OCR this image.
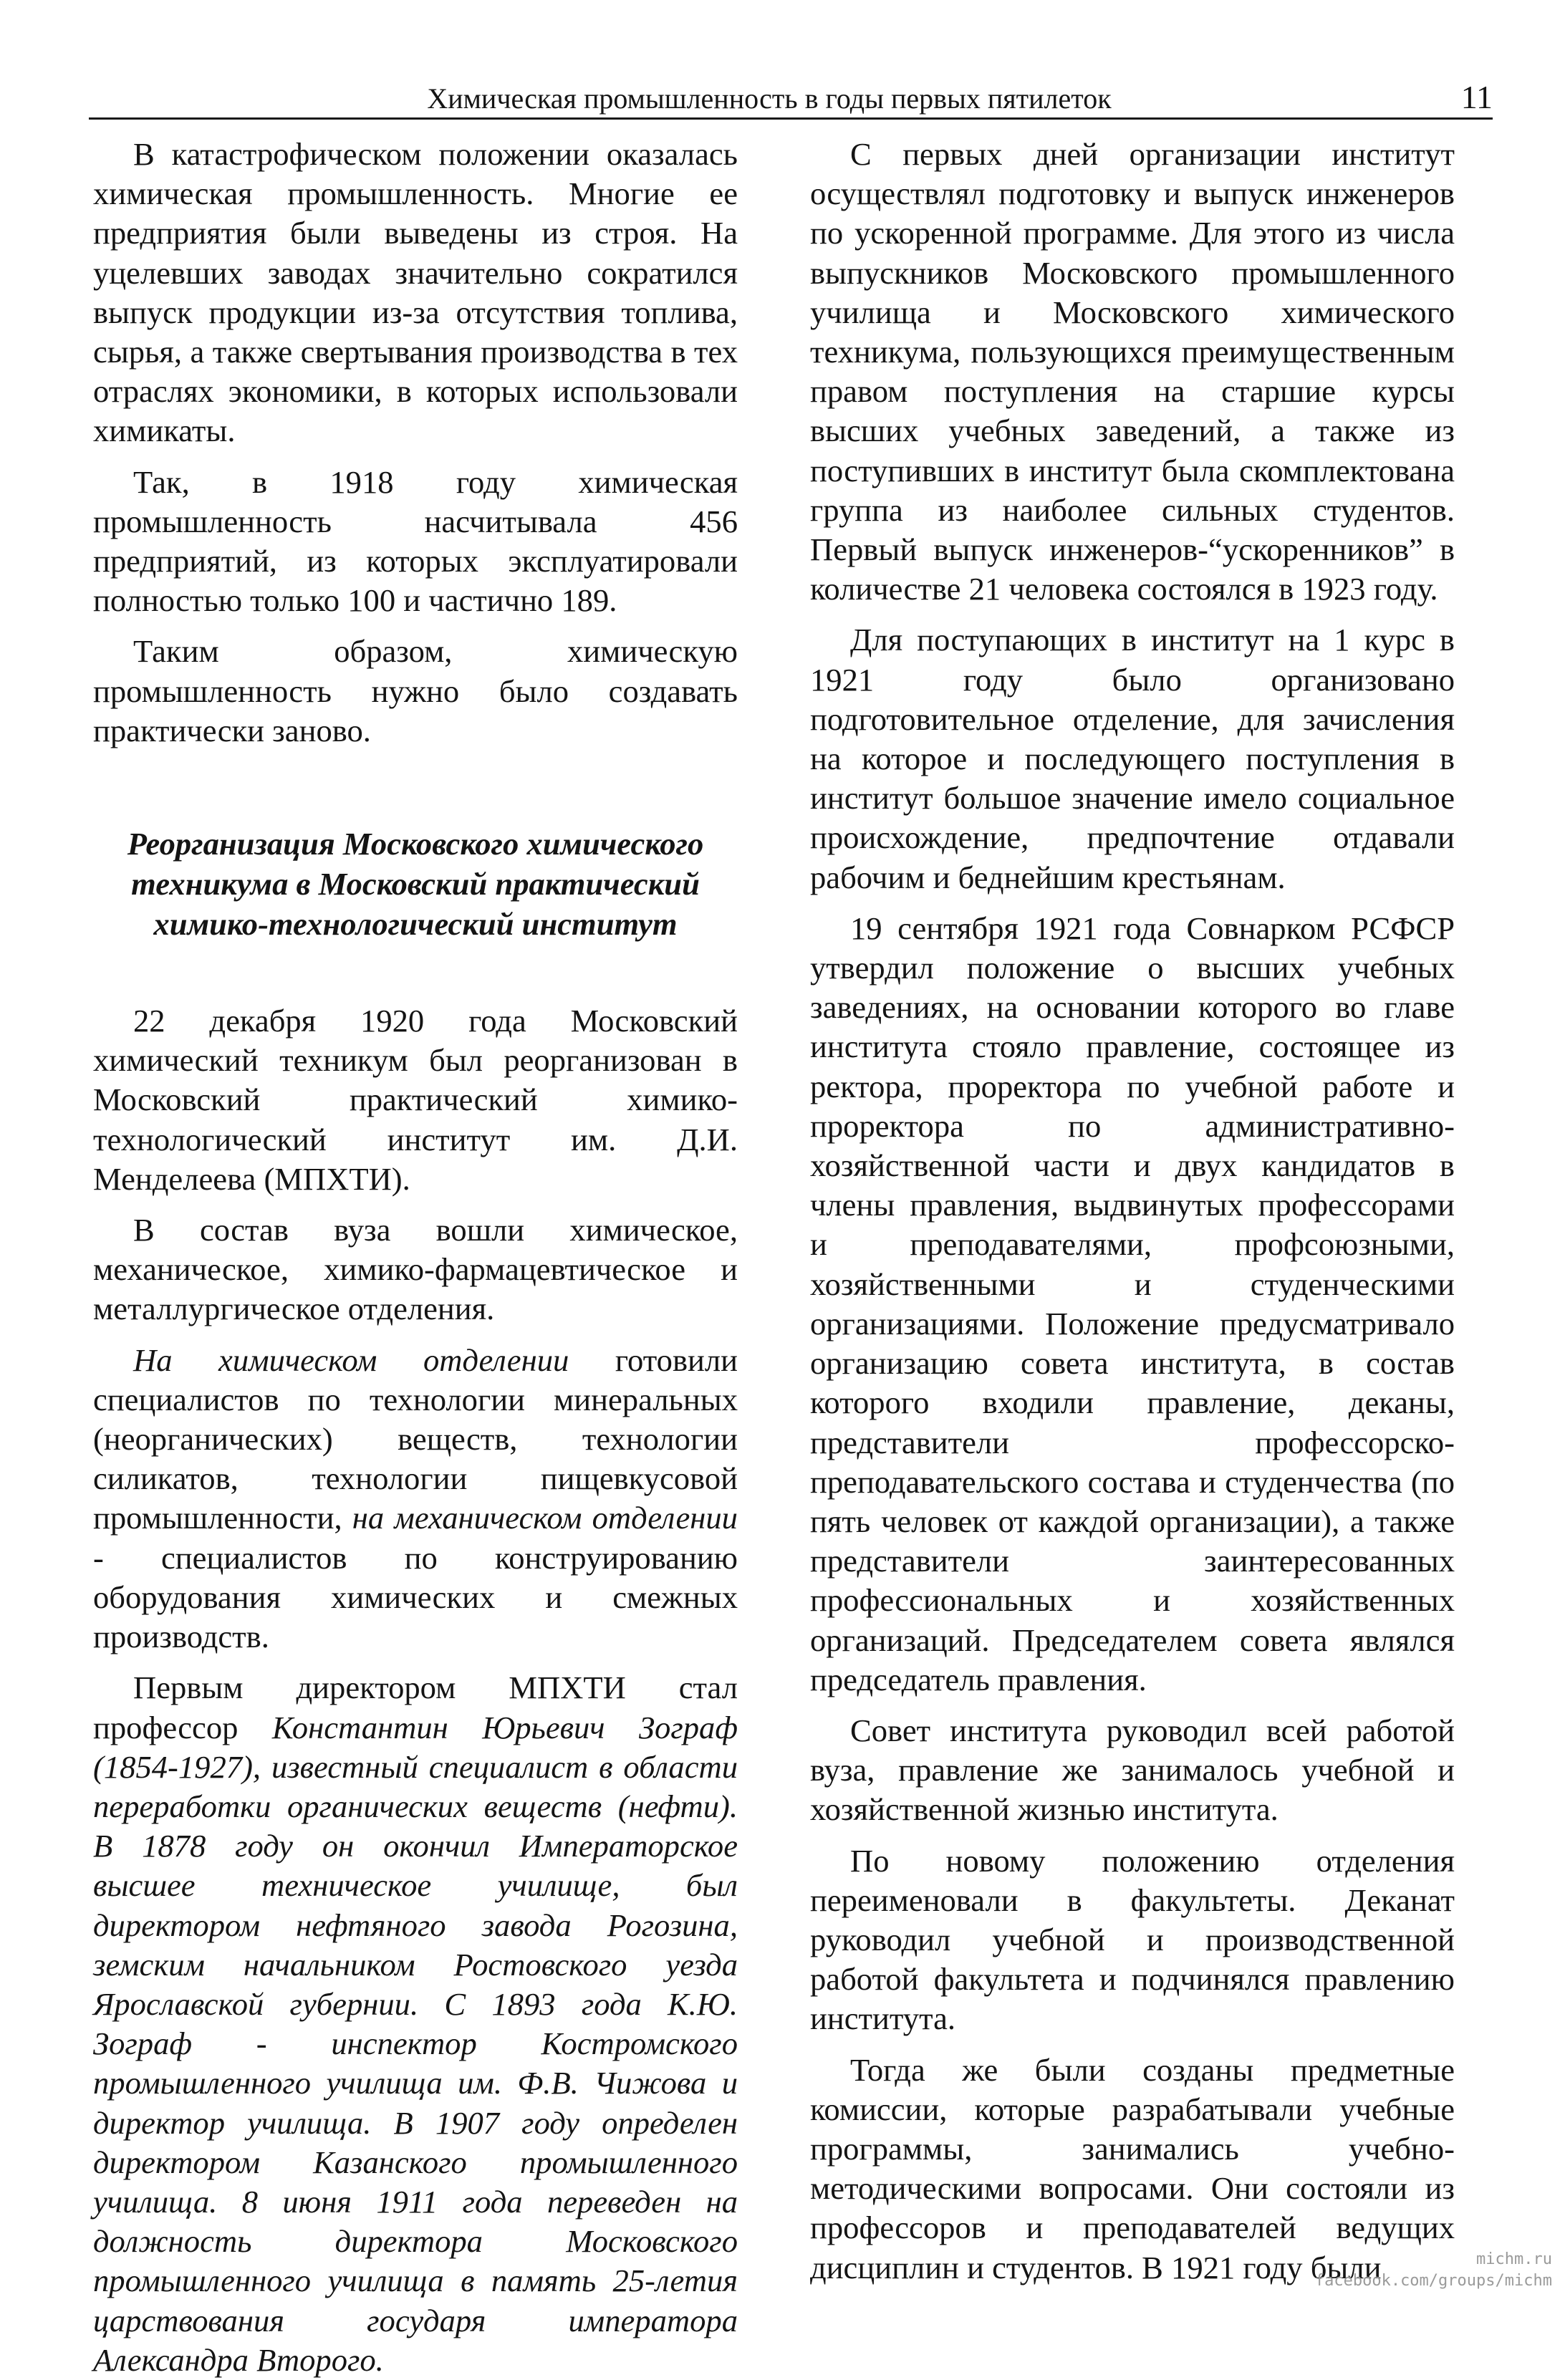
Химическая промышленность в годы первых пятилеток	11

В катастрофическом положении оказалась химическая промышленность. Многие ее предприятия были выведены из строя. На уцелевших заводах значительно сократился выпуск продукции из-за отсутствия топлива, сырья, а также свертывания производства в тех отраслях экономики, в которых использовали химикаты.

Так, в 1918 году химическая промышленность насчитывала 456 предприятий, из которых эксплуатировали полностью только 100 и частично 189.

Таким образом, химическую промышленность нужно было создавать практически заново.

Реорганизация Московского химического техникума в Московский практический химико-технологический институт

22 декабря 1920 года Московский химический техникум был реорганизован в Московский практический химико-технологический институт им. Д.И. Менделеева (МПХТИ).

В состав вуза вошли химическое, механическое, химико-фармацевтическое и металлургическое отделения.

На химическом отделении готовили специалистов по технологии минеральных (неорганических) веществ, технологии силикатов, технологии пищевкусовой промышленности, на механическом отделении - специалистов по конструированию оборудования химических и смежных производств.

Первым директором МПХТИ стал профессор Константин Юрьевич Зограф (1854-1927), известный специалист в области переработки органических веществ (нефти). В 1878 году он окончил Императорское высшее техническое училище, был директором нефтяного завода Рогозина, земским начальником Ростовского уезда Ярославской губернии. С 1893 года К.Ю. Зограф - инспектор Костромского промышленного училища им. Ф.В. Чижова и директор училища. В 1907 году определен директором Казанского промышленного училища. 8 июня 1911 года переведен на должность директора Московского промышленного училища в память 25-летия царствования государя императора Александра Второго.

С первых дней организации институт осуществлял подготовку и выпуск инженеров по ускоренной программе. Для этого из числа выпускников Московского промышленного училища и Московского химического техникума, пользующихся преимущественным правом поступления на старшие курсы высших учебных заведений, а также из поступивших в институт была скомплектована группа из наиболее сильных студентов. Первый выпуск инженеров-“ускоренников” в количестве 21 человека состоялся в 1923 году.

Для поступающих в институт на 1 курс в 1921 году было организовано подготовительное отделение, для зачисления на которое и последующего поступления в институт большое значение имело социальное происхождение, предпочтение отдавали рабочим и беднейшим крестьянам.

19 сентября 1921 года Совнарком РСФСР утвердил положение о высших учебных заведениях, на основании которого во главе института стояло правление, состоящее из ректора, проректора по учебной работе и проректора по административно-хозяйственной части и двух кандидатов в члены правления, выдвинутых профессорами и преподавателями, профсоюзными, хозяйственными и студенческими организациями. Положение предусматривало организацию совета института, в состав которого входили правление, деканы, представители профессорско-преподавательского состава и студенчества (по пять человек от каждой организации), а также представители заинтересованных профессиональных и хозяйственных организаций. Председателем совета являлся председатель правления.

Совет института руководил всей работой вуза, правление же занималось учебной и хозяйственной жизнью института.

По новому положению отделения переименовали в факультеты. Деканат руководил учебной и производственной работой факультета и подчинялся правлению института.

Тогда же были созданы предметные комиссии, которые разрабатывали учебные программы, занимались учебно-методическими вопросами. Они состояли из профессоров и преподавателей ведущих дисциплин и студентов. В 1921 году были	michm.ru
facebook.com/groups/michm
